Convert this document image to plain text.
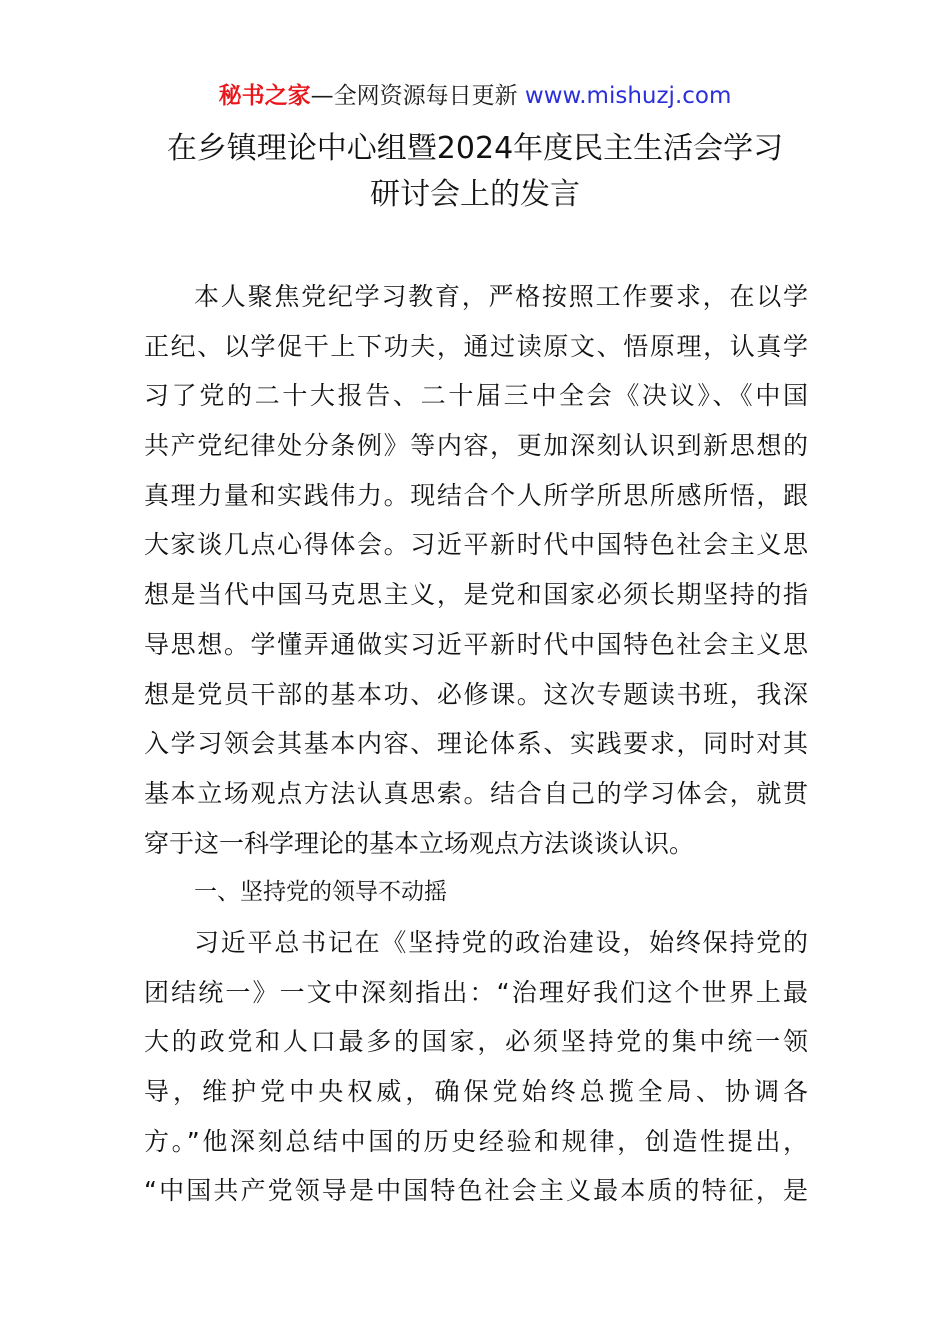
秘书之家—全网资源每日更新 www.mishuzj.com
在乡镇理论中心组暨2024年度民主生活会学习
研讨会上的发言
本人聚焦党纪学习教育，严格按照工作要求，在以学
正纪、以学促干上下功夫，通过读原文、悟原理，认真学
习了党的二十大报告、二十届三中全会《决议》、《中国
共产党纪律处分条例》等内容，更加深刻认识到新思想的
真理力量和实践伟力。现结合个人所学所思所感所悟，跟
大家谈几点心得体会。习近平新时代中国特色社会主义思
想是当代中国马克思主义，是党和国家必须长期坚持的指
导思想。学懂弄通做实习近平新时代中国特色社会主义思
想是党员干部的基本功、必修课。这次专题读书班，我深
入学习领会其基本内容、理论体系、实践要求，同时对其
基本立场观点方法认真思索。结合自己的学习体会，就贯
穿于这一科学理论的基本立场观点方法谈谈认识。
一、坚持党的领导不动摇
习近平总书记在《坚持党的政治建设，始终保持党的
团结统一》一文中深刻指出：“治理好我们这个世界上最
大的政党和人口最多的国家，必须坚持党的集中统一领
导，维护党中央权威，确保党始终总揽全局、协调各
方。”他深刻总结中国的历史经验和规律，创造性提出，
“中国共产党领导是中国特色社会主义最本质的特征，是
